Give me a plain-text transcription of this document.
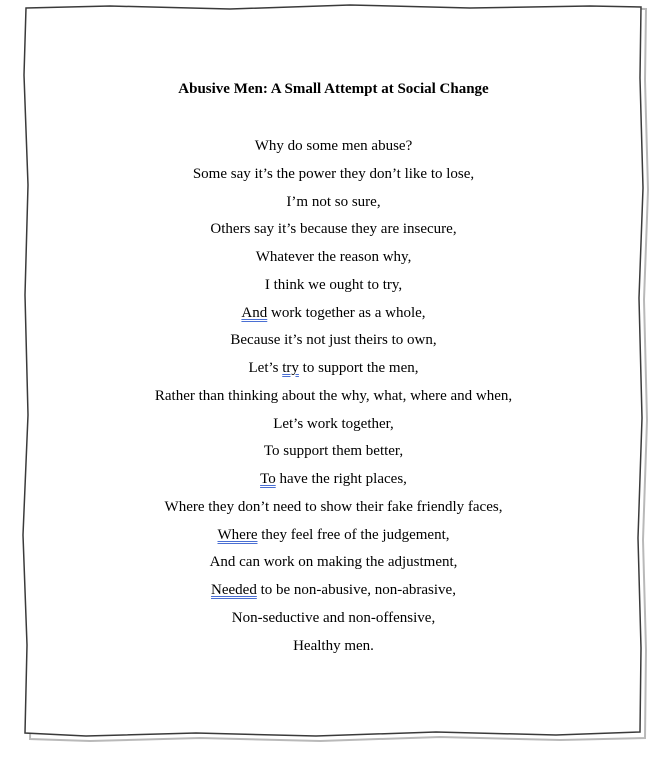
Abusive Men: A Small Attempt at Social Change
Why do some men abuse?
Some say it’s the power they don’t like to lose,
I’m not so sure,
Others say it’s because they are insecure,
Whatever the reason why,
I think we ought to try,
And work together as a whole,
Because it’s not just theirs to own,
Let’s try to support the men,
Rather than thinking about the why, what, where and when,
Let’s work together,
To support them better,
To have the right places,
Where they don’t need to show their fake friendly faces,
Where they feel free of the judgement,
And can work on making the adjustment,
Needed to be non-abusive, non-abrasive,
Non-seductive and non-offensive,
Healthy men.
